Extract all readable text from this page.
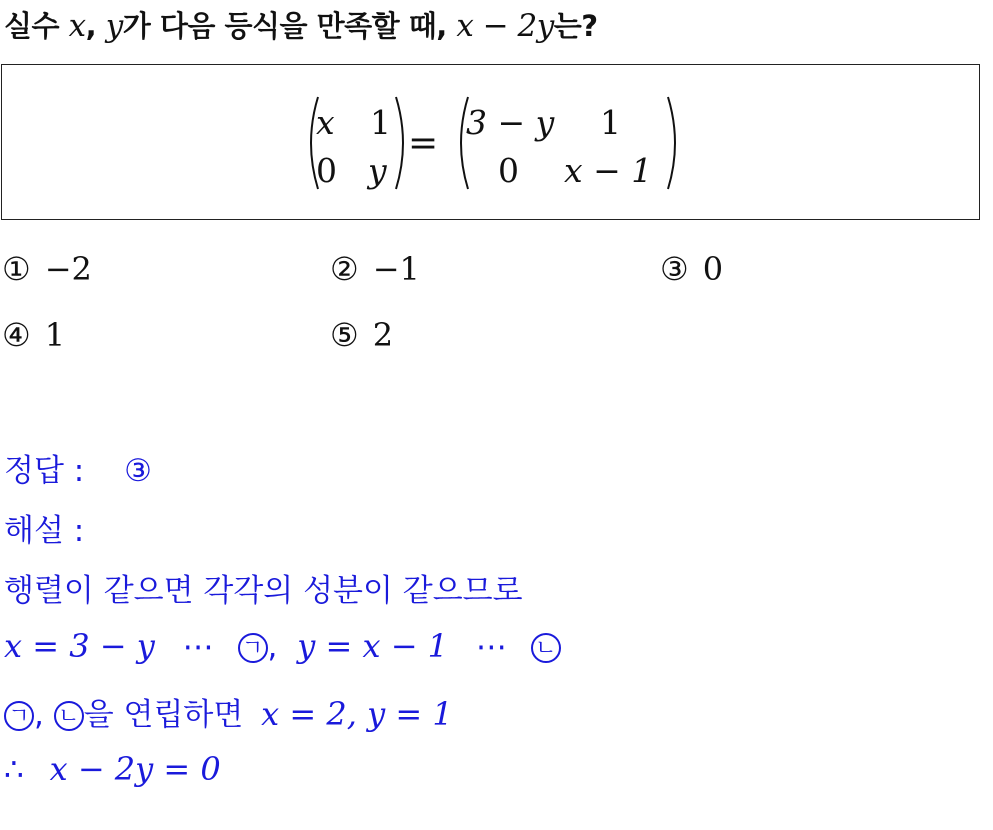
실수 x, y가 다음 등식을 만족할 때, x − 2y는?
x 1
0 y
=
3 − y 1
0 x − 1
① −2	② −1	③ 0
④ 1	⑤ 2
정답 : ③
해설 :
행렬이 같으면 각각의 성분이 같으므로
x = 3 − y ⋯ ㄱ , y = x − 1 ⋯ ㄴ
ㄱ , ㄴ 을 연립하면 x = 2, y = 1
∴ x − 2y = 0
